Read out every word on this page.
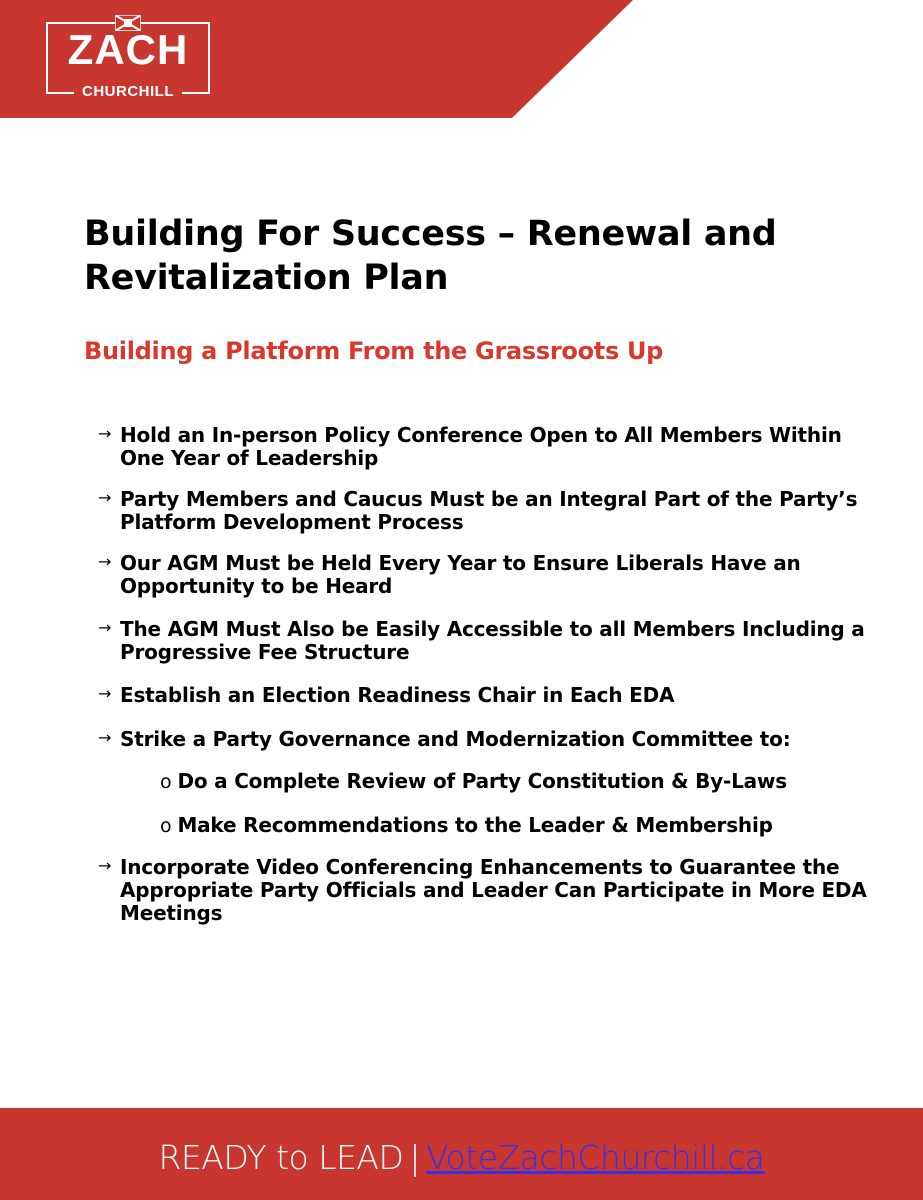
ZACH
CHURCHILL
Building For Success – Renewal and Revitalization Plan
Building a Platform From the Grassroots Up
→ Hold an In-person Policy Conference Open to All Members Within One Year of Leadership
→ Party Members and Caucus Must be an Integral Part of the Party’s Platform Development Process
→ Our AGM Must be Held Every Year to Ensure Liberals Have an Opportunity to be Heard
→ The AGM Must Also be Easily Accessible to all Members Including a Progressive Fee Structure
→ Establish an Election Readiness Chair in Each EDA
→ Strike a Party Governance and Modernization Committee to:
o Do a Complete Review of Party Constitution & By-Laws
o Make Recommendations to the Leader & Membership
→ Incorporate Video Conferencing Enhancements to Guarantee the Appropriate Party Officials and Leader Can Participate in More EDA Meetings
READY to LEAD | VoteZachChurchill.ca
